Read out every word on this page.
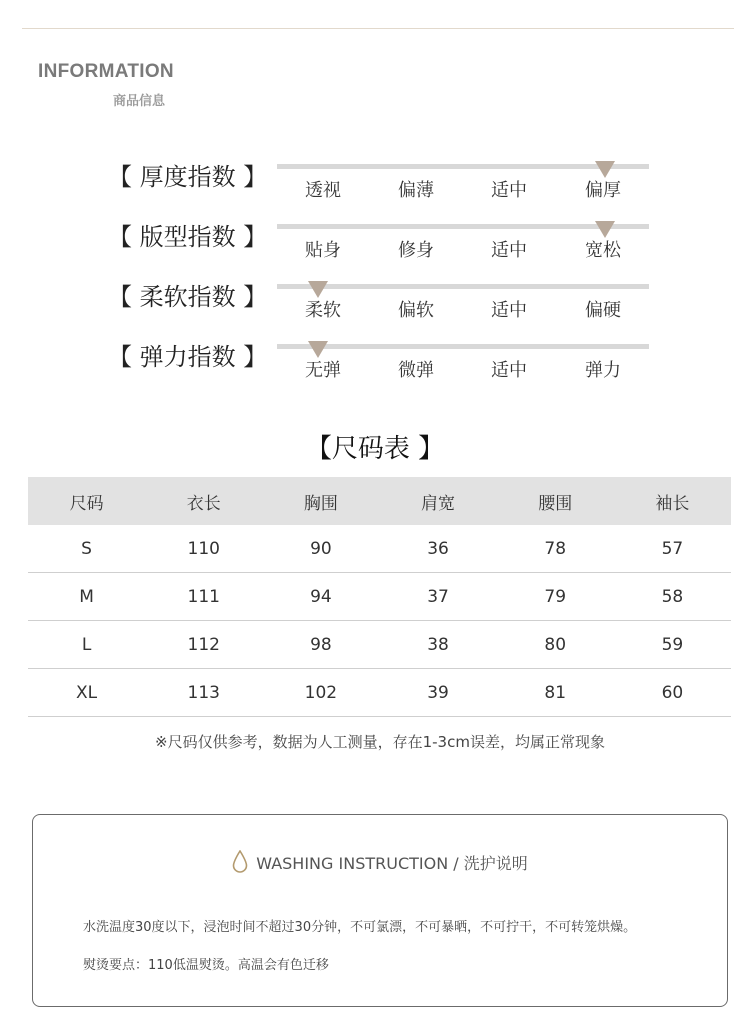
INFORMATION
商品信息
【 厚度指数 】	透视	偏薄	适中	偏厚
【 版型指数 】	贴身	修身	适中	宽松
【 柔软指数 】	柔软	偏软	适中	偏硬
【 弹力指数 】	无弹	微弹	适中	弹力
【尺码表 】
尺码	衣长	胸围	肩宽	腰围	袖长
S	110	90	36	78	57
M	111	94	37	79	58
L	112	98	38	80	59
XL	113	102	39	81	60
※尺码仅供参考，数据为人工测量，存在1-3cm误差，均属正常现象
WASHING INSTRUCTION / 洗护说明
水洗温度30度以下，浸泡时间不超过30分钟，不可氯漂，不可暴晒，不可拧干，不可转笼烘燥。
熨烫要点：110低温熨烫。高温会有色迁移
